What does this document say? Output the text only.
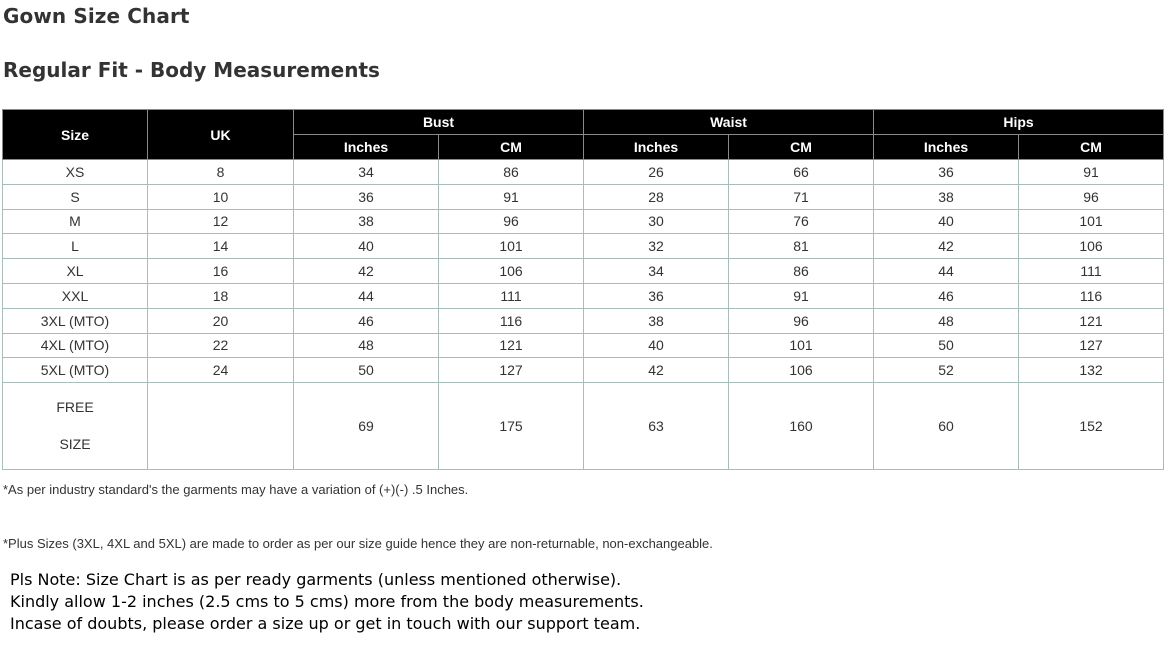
Gown Size Chart
Regular Fit - Body Measurements
Size	UK	Bust		Waist		Hips	
		Inches	CM	Inches	CM	Inches	CM
XS	8	34	86	26	66	36	91
S	10	36	91	28	71	38	96
M	12	38	96	30	76	40	101
L	14	40	101	32	81	42	106
XL	16	42	106	34	86	44	111
XXL	18	44	111	36	91	46	116
3XL (MTO)	20	46	116	38	96	48	121
4XL (MTO)	22	48	121	40	101	50	127
5XL (MTO)	24	50	127	42	106	52	132

FREE
SIZE		69	175	63	160	60	152

*As per industry standard's the garments may have a variation of (+)(-) .5 Inches.

*Plus Sizes (3XL, 4XL and 5XL) are made to order as per our size guide hence they are non-returnable, non-exchangeable.

Pls Note: Size Chart is as per ready garments (unless mentioned otherwise).
Kindly allow 1-2 inches (2.5 cms to 5 cms) more from the body measurements.
Incase of doubts, please order a size up or get in touch with our support team.
